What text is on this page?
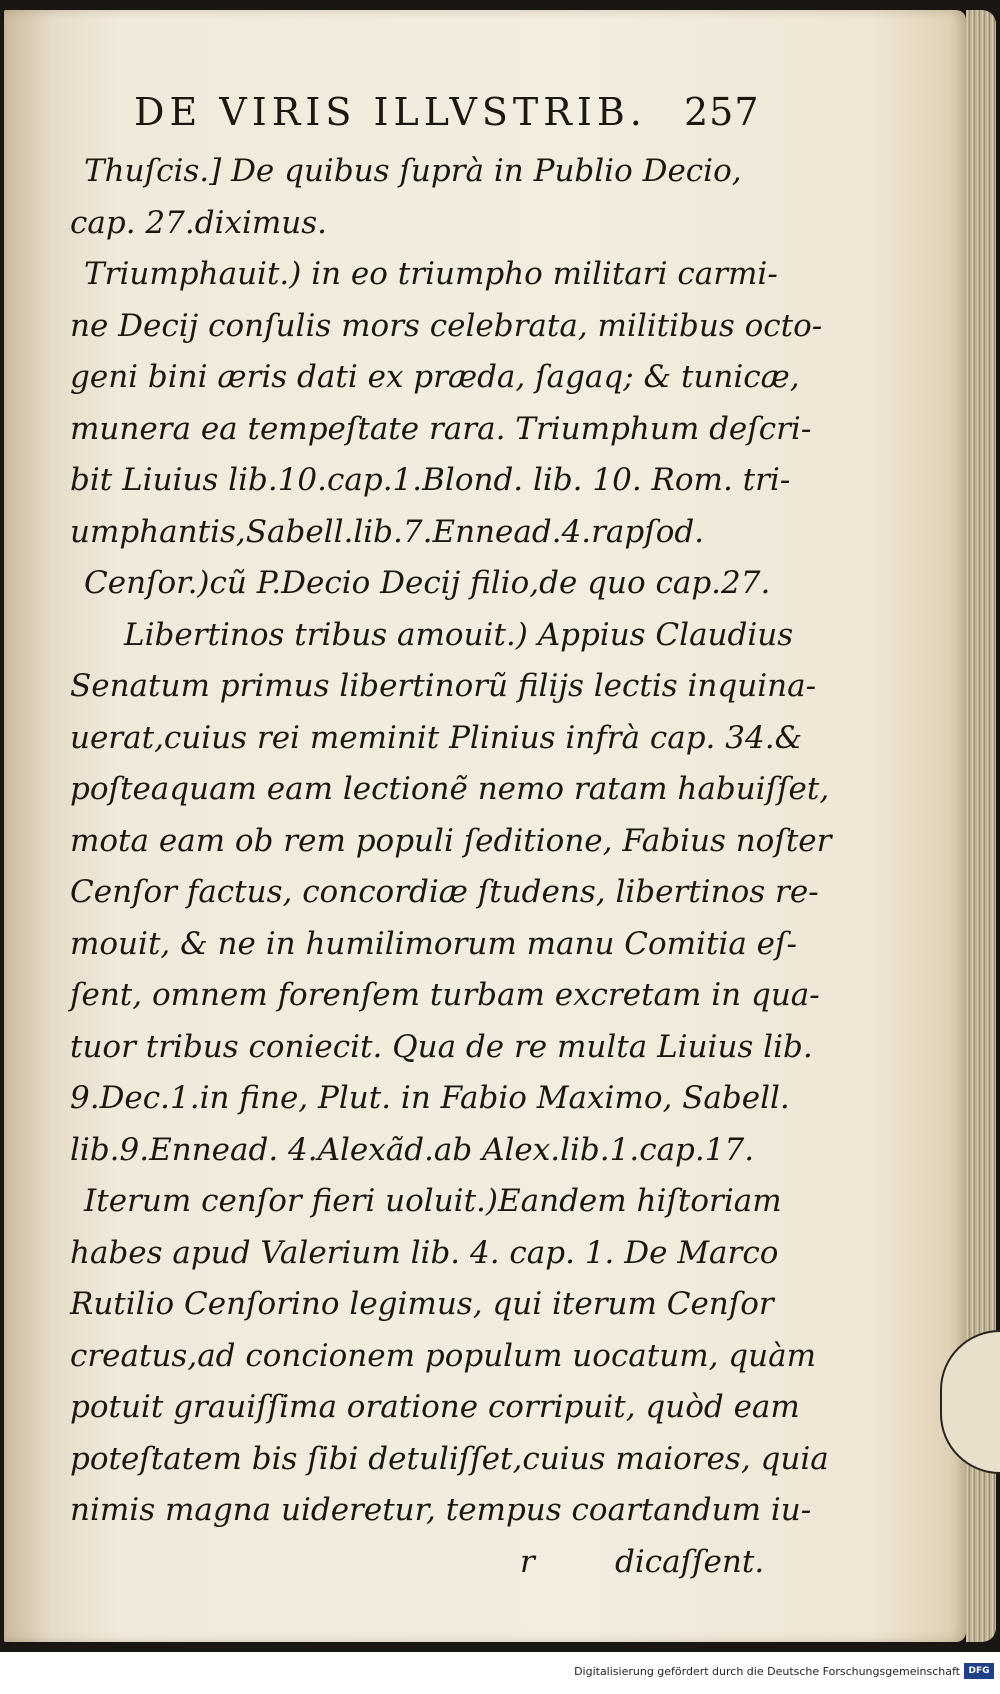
DE VIRIS ILLVSTRIB. 257
Thuſcis.] De quibus ſuprà in Publio Decio,
cap. 27.diximus.
Triumphauit.) in eo triumpho militari carmi-
ne Decij conſulis mors celebrata, militibus octo-
geni bini æris dati ex præda, ſagaq; & tunicæ,
munera ea tempeſtate rara. Triumphum deſcri-
bit Liuius lib.10.cap.1.Blond. lib. 10. Rom. tri-
umphantis,Sabell.lib.7.Ennead.4.rapſod.
Cenſor.)cũ P.Decio Decij filio,de quo cap.27.
Libertinos tribus amouit.) Appius Claudius
Senatum primus libertinorũ filijs lectis inquina-
uerat,cuius rei meminit Plinius infrà cap. 34.&
poſteaquam eam lectionẽ nemo ratam habuiſſet,
mota eam ob rem populi ſeditione, Fabius noſter
Cenſor factus, concordiæ ſtudens, libertinos re-
mouit, & ne in humilimorum manu Comitia eſ-
ſent, omnem forenſem turbam excretam in qua-
tuor tribus coniecit. Qua de re multa Liuius lib.
9.Dec.1.in fine, Plut. in Fabio Maximo, Sabell.
lib.9.Ennead. 4.Alexãd.ab Alex.lib.1.cap.17.
Iterum cenſor fieri uoluit.)Eandem hiſtoriam
habes apud Valerium lib. 4. cap. 1. De Marco
Rutilio Cenſorino legimus, qui iterum Cenſor
creatus,ad concionem populum uocatum, quàm
potuit grauiſſima oratione corripuit, quòd eam
poteſtatem bis ſibi detuliſſet,cuius maiores, quia
nimis magna uideretur, tempus coartandum iu-
r	dicaſſent.
Digitalisierung gefördert durch die Deutsche Forschungsgemeinschaft DFG
